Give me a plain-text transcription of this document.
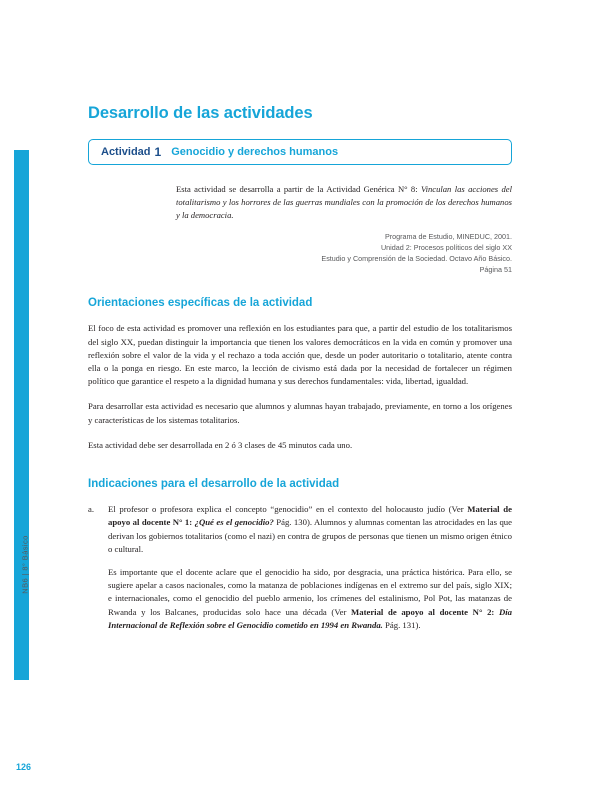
NB6 | 8° Básico
126
Desarrollo de las actividades
Actividad 1 Genocidio y derechos humanos
Esta actividad se desarrolla a partir de la Actividad Genérica N° 8: Vinculan las acciones del totalitarismo y los horrores de las guerras mundiales con la promoción de los derechos humanos y la democracia.
Programa de Estudio, MINEDUC, 2001.
Unidad 2: Procesos políticos del siglo XX
Estudio y Comprensión de la Sociedad. Octavo Año Básico.
Página 51
Orientaciones específicas de la actividad

El foco de esta actividad es promover una reflexión en los estudiantes para que, a partir del estudio de los totalitarismos del siglo XX, puedan distinguir la importancia que tienen los valores democráticos en la vida en común y promover una reflexión sobre el valor de la vida y el rechazo a toda acción que, desde un poder autoritario o totalitario, atente contra ella o la ponga en riesgo. En este marco, la lección de civismo está dada por la necesidad de fortalecer un régimen político que garantice el respeto a la dignidad humana y sus derechos fundamentales: vida, libertad, igualdad.

Para desarrollar esta actividad es necesario que alumnos y alumnas hayan trabajado, previamente, en torno a los orígenes y características de los sistemas totalitarios.

Esta actividad debe ser desarrollada en 2 ó 3 clases de 45 minutos cada uno.

Indicaciones para el desarrollo de la actividad
a.	El profesor o profesora explica el concepto “genocidio” en el contexto del holocausto judío (Ver Material de apoyo al docente N° 1: ¿Qué es el genocidio? Pág. 130). Alumnos y alumnas comentan las atrocidades en las que derivan los gobiernos totalitarios (como el nazi) en contra de grupos de personas que tienen un mismo origen étnico o cultural.

Es importante que el docente aclare que el genocidio ha sido, por desgracia, una práctica histórica. Para ello, se sugiere apelar a casos nacionales, como la matanza de poblaciones indígenas en el extremo sur del país, siglo XIX; e internacionales, como el genocidio del pueblo armenio, los crímenes del estalinismo, Pol Pot, las matanzas de Rwanda y los Balcanes, producidas solo hace una década (Ver Material de apoyo al docente N° 2: Día Internacional de Reflexión sobre el Genocidio cometido en 1994 en Rwanda. Pág. 131).
